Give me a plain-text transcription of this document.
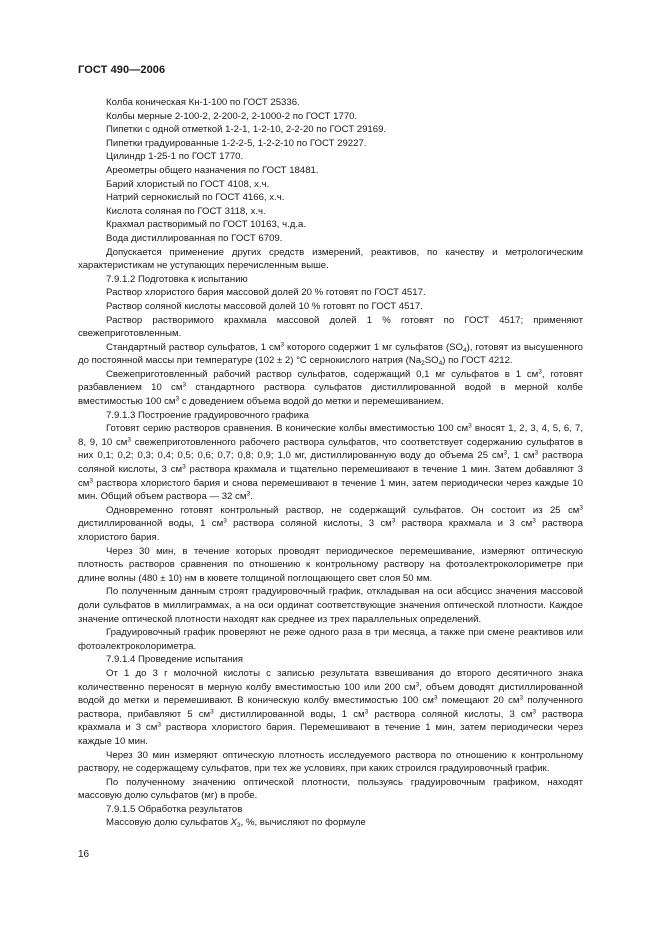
ГОСТ 490—2006

Колба коническая Кн-1-100 по ГОСТ 25336.

Колбы мерные 2-100-2, 2-200-2, 2-1000-2 по ГОСТ 1770.

Пипетки с одной отметкой 1-2-1, 1-2-10, 2-2-20 по ГОСТ 29169.

Пипетки градуированные 1-2-2-5, 1-2-2-10 по ГОСТ 29227.

Цилиндр 1-25-1 по ГОСТ 1770.

Ареометры общего назначения по ГОСТ 18481.

Барий хлористый по ГОСТ 4108, х.ч.

Натрий сернокислый по ГОСТ 4166, х.ч.

Кислота соляная по ГОСТ 3118, х.ч.

Крахмал растворимый по ГОСТ 10163, ч.д.а.

Вода дистиллированная по ГОСТ 6709.

Допускается применение других средств измерений, реактивов, по качеству и метрологическим характеристикам не уступающих перечисленным выше.

7.9.1.2 Подготовка к испытанию

Раствор хлористого бария массовой долей 20 % готовят по ГОСТ 4517.

Раствор соляной кислоты массовой долей 10 % готовят по ГОСТ 4517.

Раствор растворимого крахмала массовой долей 1 % готовят по ГОСТ 4517; применяют свежеприготовленным.

Стандартный раствор сульфатов, 1 $см^3$ которого содержит 1 мг сульфатов $(SO_4)$, готовят из высушенного до постоянной массы при температуре (102 ± 2) °С сернокислого натрия $(Na_2SO_4)$ по ГОСТ 4212.

Свежеприготовленный рабочий раствор сульфатов, содержащий 0,1 мг сульфатов в 1 $см^3$, готовят разбавлением 10 $см^3$ стандартного раствора сульфатов дистиллированной водой в мерной колбе вместимостью 100 $см^3$ с доведением объема водой до метки и перемешиванием.

7.9.1.3 Построение градуировочного графика

Готовят серию растворов сравнения. В конические колбы вместимостью 100 $см^3$ вносят 1, 2, 3, 4, 5, 6, 7, 8, 9, 10 $см^3$ свежеприготовленного рабочего раствора сульфатов, что соответствует содержанию сульфатов в них 0,1; 0,2; 0,3; 0,4; 0,5; 0,6; 0,7; 0,8; 0,9; 1,0 мг, дистиллированную воду до объема 25 $см^3$, 1 $см^3$ раствора соляной кислоты, 3 $см^3$ раствора крахмала и тщательно перемешивают в течение 1 мин. Затем добавляют 3 $см^3$ раствора хлористого бария и снова перемешивают в течение 1 мин, затем периодически через каждые 10 мин. Общий объем раствора — 32 $см^3$.

Одновременно готовят контрольный раствор, не содержащий сульфатов. Он состоит из 25 $см^3$ дистиллированной воды, 1 $см^3$ раствора соляной кислоты, 3 $см^3$ раствора крахмала и 3 $см^3$ раствора хлористого бария.

Через 30 мин, в течение которых проводят периодическое перемешивание, измеряют оптическую плотность растворов сравнения по отношению к контрольному раствору на фотоэлектроколориметре при длине волны (480 ± 10) нм в кювете толщиной поглощающего свет слоя 50 мм.

По полученным данным строят градуировочный график, откладывая на оси абсцисс значения массовой доли сульфатов в миллиграммах, а на оси ординат соответствующие значения оптической плотности. Каждое значение оптической плотности находят как среднее из трех параллельных определений.

Градуировочный график проверяют не реже одного раза в три месяца, а также при смене реактивов или фотоэлектроколориметра.

7.9.1.4 Проведение испытания

От 1 до 3 г молочной кислоты с записью результата взвешивания до второго десятичного знака количественно переносят в мерную колбу вместимостью 100 или 200 $см^3$, объем доводят дистиллированной водой до метки и перемешивают. В коническую колбу вместимостью 100 $см^3$ помещают 20 $см^3$ полученного раствора, прибавляют 5 $см^3$ дистиллированной воды, 1 $см^3$ раствора соляной кислоты, 3 $см^3$ раствора крахмала и 3 $см^3$ раствора хлористого бария. Перемешивают в течение 1 мин, затем периодически через каждые 10 мин.

Через 30 мин измеряют оптическую плотность исследуемого раствора по отношению к контрольному раствору, не содержащему сульфатов, при тех же условиях, при каких строился градуировочный график.

По полученному значению оптической плотности, пользуясь градуировочным графиком, находят массовую долю сульфатов (мг) в пробе.

7.9.1.5 Обработка результатов

Массовую долю сульфатов $X_3$, %, вычисляют по формуле

16
